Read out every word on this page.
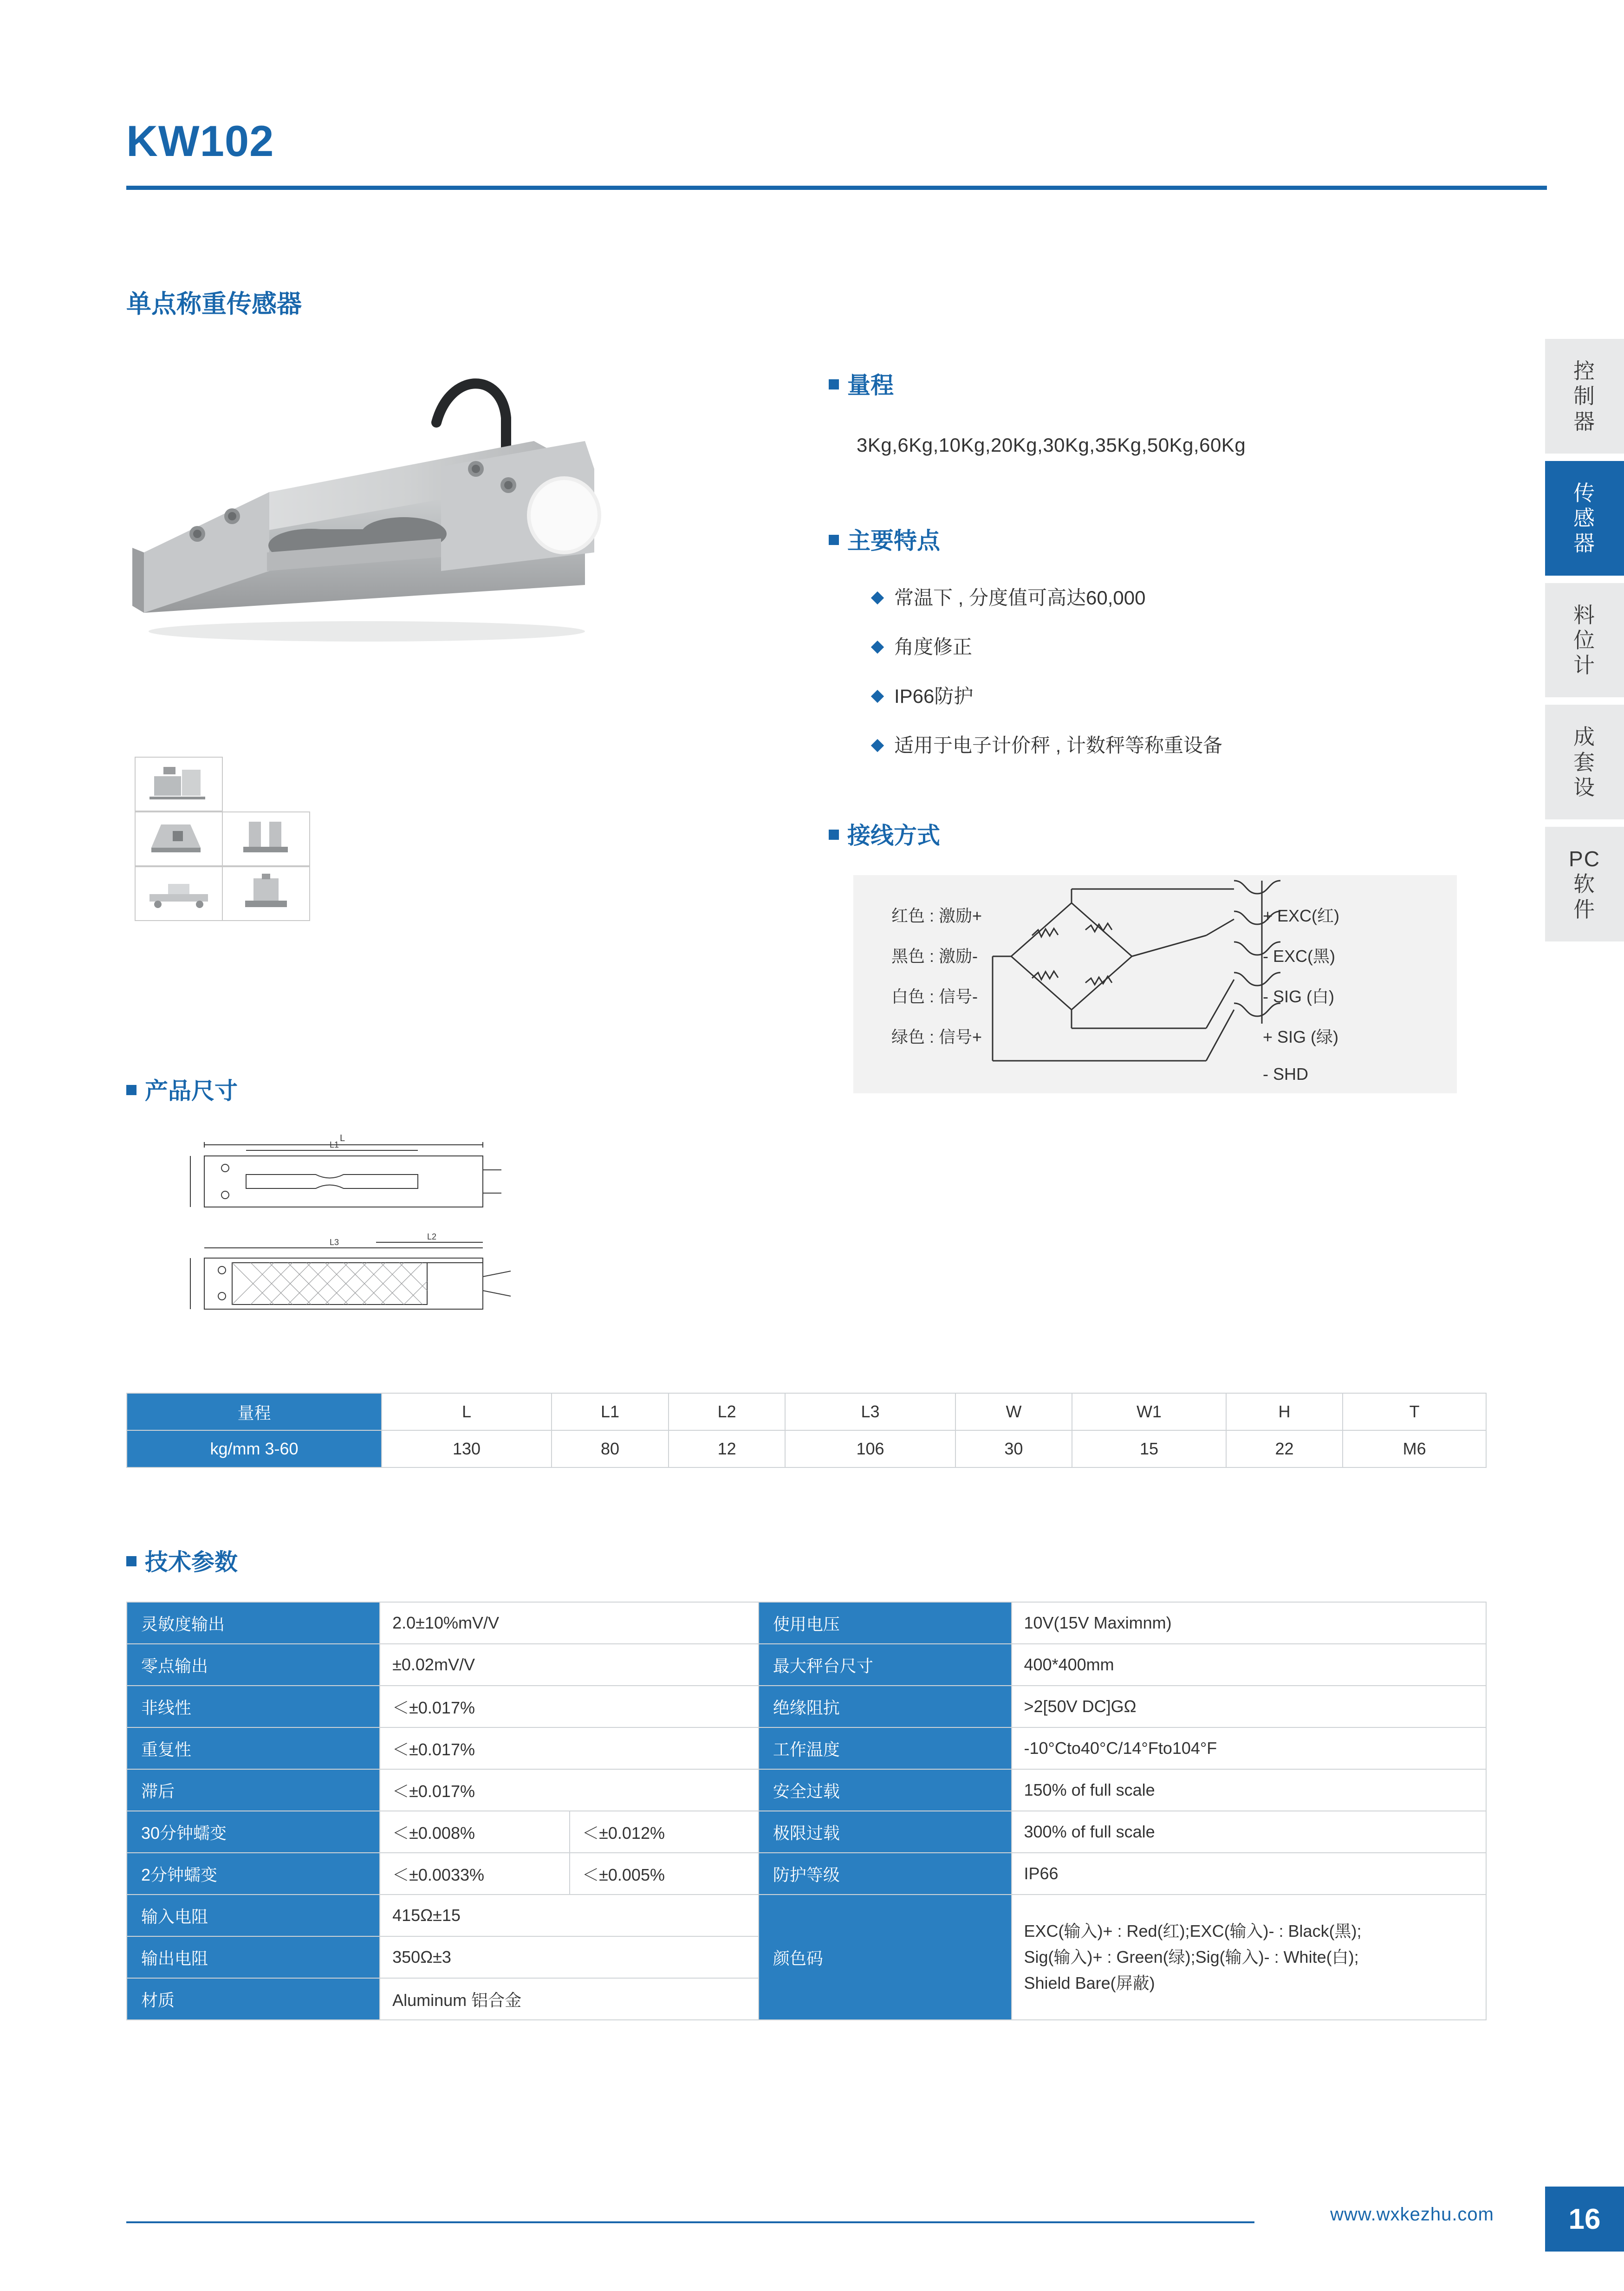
KW102
单点称重传感器
控
制
器
传
感
器
料
位
计
成
套
设
PC
软
件
量程
3Kg,6Kg,10Kg,20Kg,30Kg,35Kg,50Kg,60Kg
主要特点
常温下 , 分度值可高达60,000
角度修正
IP66防护
适用于电子计价秤 , 计数秤等称重设备
接线方式
红色 : 激励+
黑色 : 激励-
白色 : 信号-
绿色 : 信号+
+ EXC(红)
- EXC(黑)
- SIG (白)
+ SIG (绿)
- SHD
产品尺寸
L
L1
L3
L2
量程	L	L1	L2	L3	W	W1	H	T
kg/mm 3-60	130	80	12	106	30	15	22	M6
技术参数
灵敏度输出	2.0±10%mV/V		使用电压	10V(15V Maximnm)
零点输出	±0.02mV/V		最大秤台尺寸	400*400mm
非线性	＜±0.017%		绝缘阻抗	>2[50V DC]GΩ
重复性	＜±0.017%		工作温度	-10°Cto40°C/14°Fto104°F
滞后	＜±0.017%		安全过载	150% of full scale
30分钟蠕变	＜±0.008%	＜±0.012%	极限过载	300% of full scale
2分钟蠕变	＜±0.0033%	＜±0.005%	防护等级	IP66
输入电阻	415Ω±15		颜色码	EXC(输入)+ : Red(红);EXC(输入)- : Black(黑);
Sig(输入)+ : Green(绿);Sig(输入)- : White(白);
Shield Bare(屏蔽)

输出电阻	350Ω±3			
材质	Aluminum 铝合金			
www.wxkezhu.com	16
